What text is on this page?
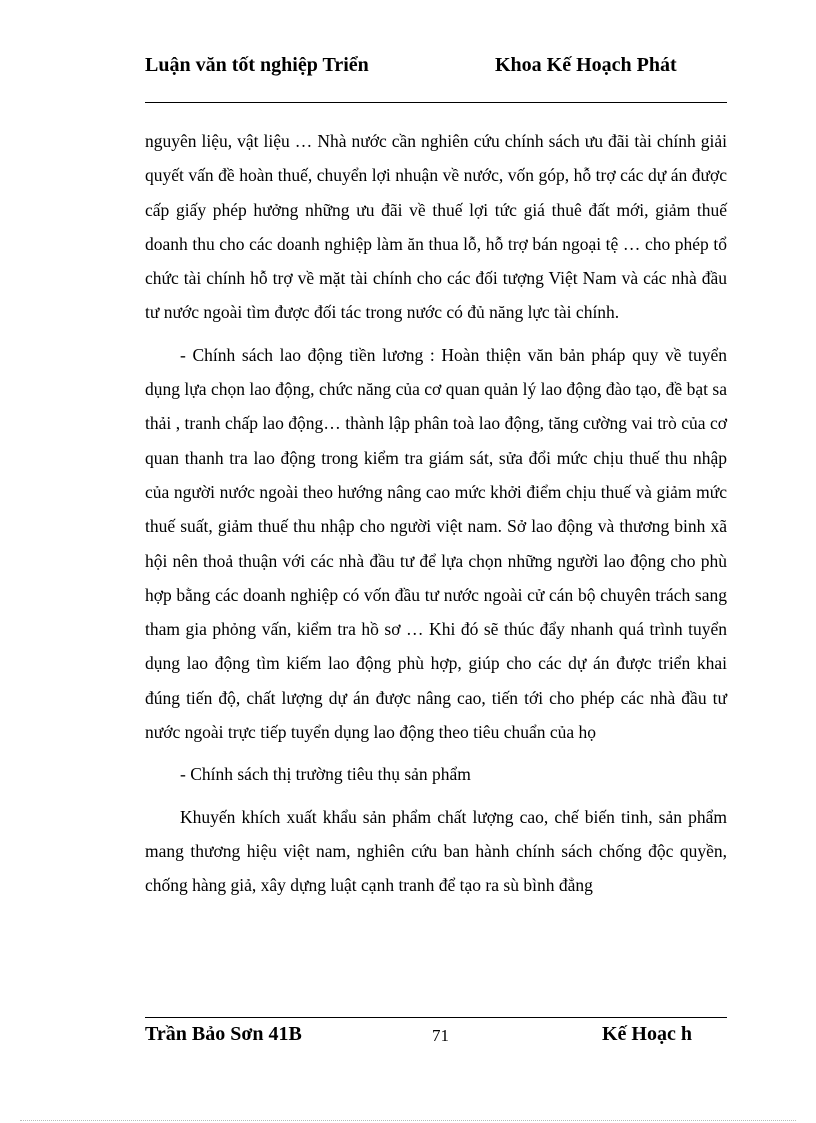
Luận văn tốt nghiệp Triển	Khoa Kế Hoạch Phát

nguyên liệu, vật liệu … Nhà nước cần nghiên cứu chính sách ưu đãi tài chính giải quyết vấn đề hoàn thuế, chuyển lợi nhuận về nước, vốn góp, hỗ trợ các dự án được cấp giấy phép hưởng những ưu đãi về thuế lợi tức giá thuê đất mới, giảm thuế doanh thu cho các doanh nghiệp làm ăn thua lỗ, hỗ trợ bán ngoại tệ … cho phép tổ chức tài chính hỗ trợ về mặt tài chính cho các đối tượng Việt Nam và các nhà đầu tư nước ngoài tìm được đối tác trong nước có đủ năng lực tài chính.

- Chính sách lao động tiền lương : Hoàn thiện văn bản pháp quy về tuyển dụng lựa chọn lao động, chức năng của cơ quan quản lý lao động đào tạo, đề bạt sa thải , tranh chấp lao động… thành lập phân toà lao động, tăng cường vai trò của cơ quan thanh tra lao động trong kiểm tra giám sát, sửa đổi mức chịu thuế thu nhập của người nước ngoài theo hướng nâng cao mức khởi điểm chịu thuế và giảm mức thuế suất, giảm thuế thu nhập cho người việt nam. Sở lao động và thương binh xã hội nên thoả thuận với các nhà đầu tư để lựa chọn những người lao động cho phù hợp bằng các doanh nghiệp có vốn đầu tư nước ngoài cử cán bộ chuyên trách sang tham gia phỏng vấn, kiểm tra hồ sơ … Khi đó sẽ thúc đẩy nhanh quá trình tuyển dụng lao động tìm kiếm lao động phù hợp, giúp cho các dự án được triển khai đúng tiến độ, chất lượng dự án được nâng cao, tiến tới cho phép các nhà đầu tư nước ngoài trực tiếp tuyển dụng lao động theo tiêu chuẩn của họ

- Chính sách thị trường tiêu thụ sản phẩm

Khuyến khích xuất khẩu sản phẩm chất lượng cao, chế biến tinh, sản phẩm mang thương hiệu việt nam, nghiên cứu ban hành chính sách chống độc quyền, chống hàng giả, xây dựng luật cạnh tranh để tạo ra sù bình đẳng

Trần Bảo Sơn 41B	71	Kế Hoạc h
